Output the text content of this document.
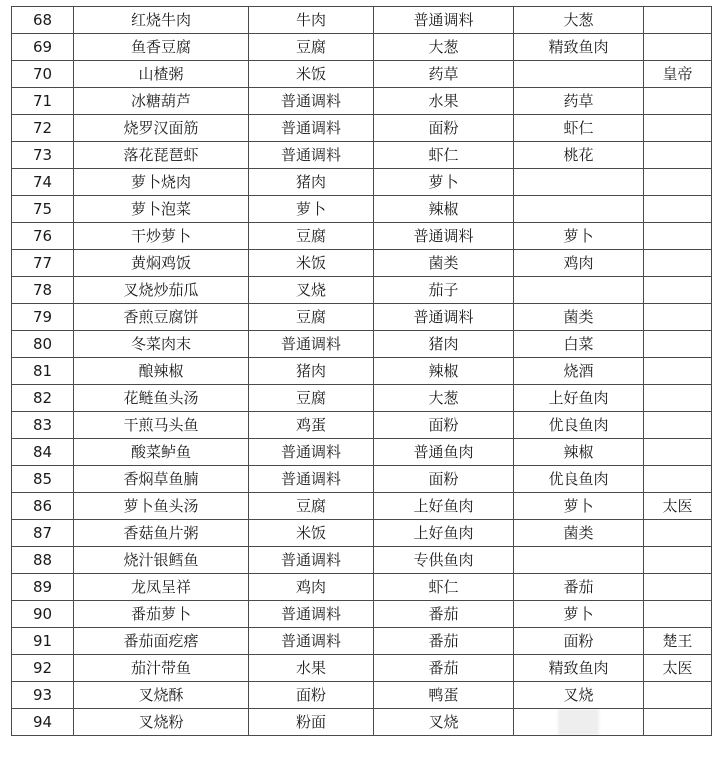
68	红烧牛肉	牛肉	普通调料	大葱	
69	鱼香豆腐	豆腐	大葱	精致鱼肉	
70	山楂粥	米饭	药草		皇帝
71	冰糖葫芦	普通调料	水果	药草	
72	烧罗汉面筋	普通调料	面粉	虾仁	
73	落花琵琶虾	普通调料	虾仁	桃花	
74	萝卜烧肉	猪肉	萝卜		
75	萝卜泡菜	萝卜	辣椒		
76	干炒萝卜	豆腐	普通调料	萝卜	
77	黄焖鸡饭	米饭	菌类	鸡肉	
78	叉烧炒茄瓜	叉烧	茄子		
79	香煎豆腐饼	豆腐	普通调料	菌类	
80	冬菜肉末	普通调料	猪肉	白菜	
81	酿辣椒	猪肉	辣椒	烧酒	
82	花鲢鱼头汤	豆腐	大葱	上好鱼肉	
83	干煎马头鱼	鸡蛋	面粉	优良鱼肉	
84	酸菜鲈鱼	普通调料	普通鱼肉	辣椒	
85	香焖草鱼腩	普通调料	面粉	优良鱼肉	
86	萝卜鱼头汤	豆腐	上好鱼肉	萝卜	太医
87	香菇鱼片粥	米饭	上好鱼肉	菌类	
88	烧汁银鳕鱼	普通调料	专供鱼肉		
89	龙凤呈祥	鸡肉	虾仁	番茄	
90	番茄萝卜	普通调料	番茄	萝卜	
91	番茄面疙瘩	普通调料	番茄	面粉	楚王
92	茄汁带鱼	水果	番茄	精致鱼肉	太医
93	叉烧酥	面粉	鸭蛋	叉烧	
94	叉烧粉	粉面	叉烧		
